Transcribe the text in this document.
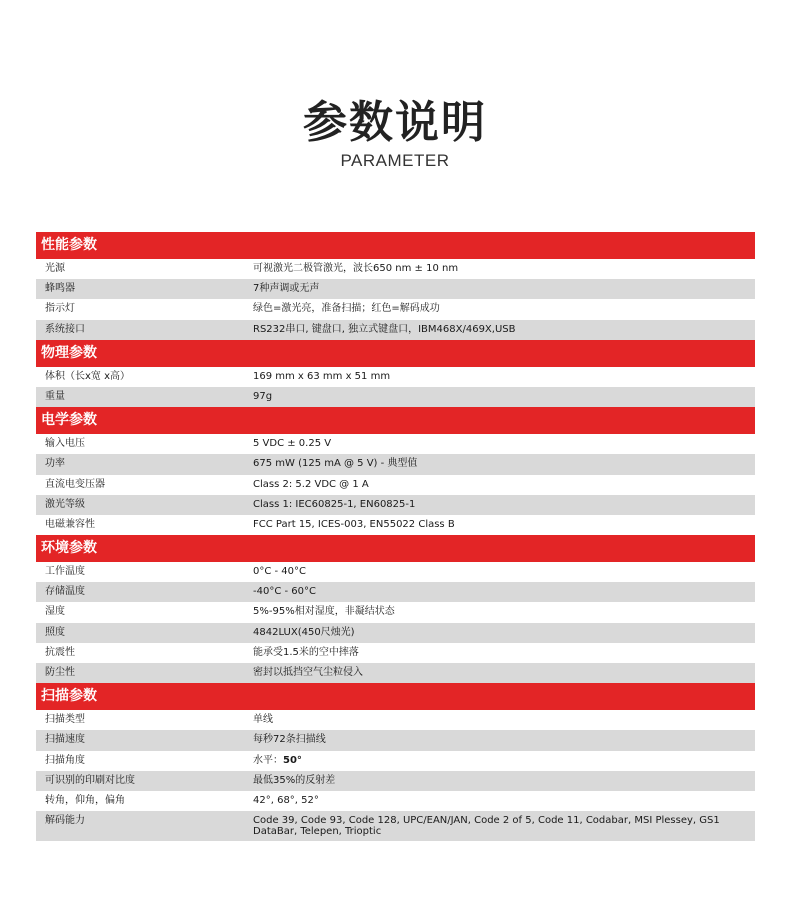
参数说明
PARAMETER
性能参数
光源	可视激光二极管激光，波长650 nm ± 10 nm
蜂鸣器	7种声调或无声
指示灯	绿色=激光亮，准备扫描；红色=解码成功
系统接口	RS232串口, 键盘口, 独立式键盘口，IBM468X/469X,USB
物理参数
体积（长x宽 x高）	169 mm x 63 mm x 51 mm
重量	97g
电学参数
输入电压	5 VDC ± 0.25 V
功率	675 mW (125 mA @ 5 V) - 典型值
直流电变压器	Class 2: 5.2 VDC @ 1 A
激光等级	Class 1: IEC60825-1, EN60825-1
电磁兼容性	FCC Part 15, ICES-003, EN55022 Class B
环境参数
工作温度	0°C - 40°C
存储温度	-40°C - 60°C
湿度	5%-95%相对湿度，非凝结状态
照度	4842LUX(450尺烛光)
抗震性	能承受1.5米的空中摔落
防尘性	密封以抵挡空气尘粒侵入
扫描参数
扫描类型	单线
扫描速度	每秒72条扫描线
扫描角度	水平：50°
可识别的印刷对比度	最低35%的反射差
转角，仰角，偏角	42°, 68°, 52°
解码能力	Code 39, Code 93, Code 128, UPC/EAN/JAN, Code 2 of 5, Code 11, Codabar, MSI Plessey, GS1 DataBar, Telepen, Trioptic
